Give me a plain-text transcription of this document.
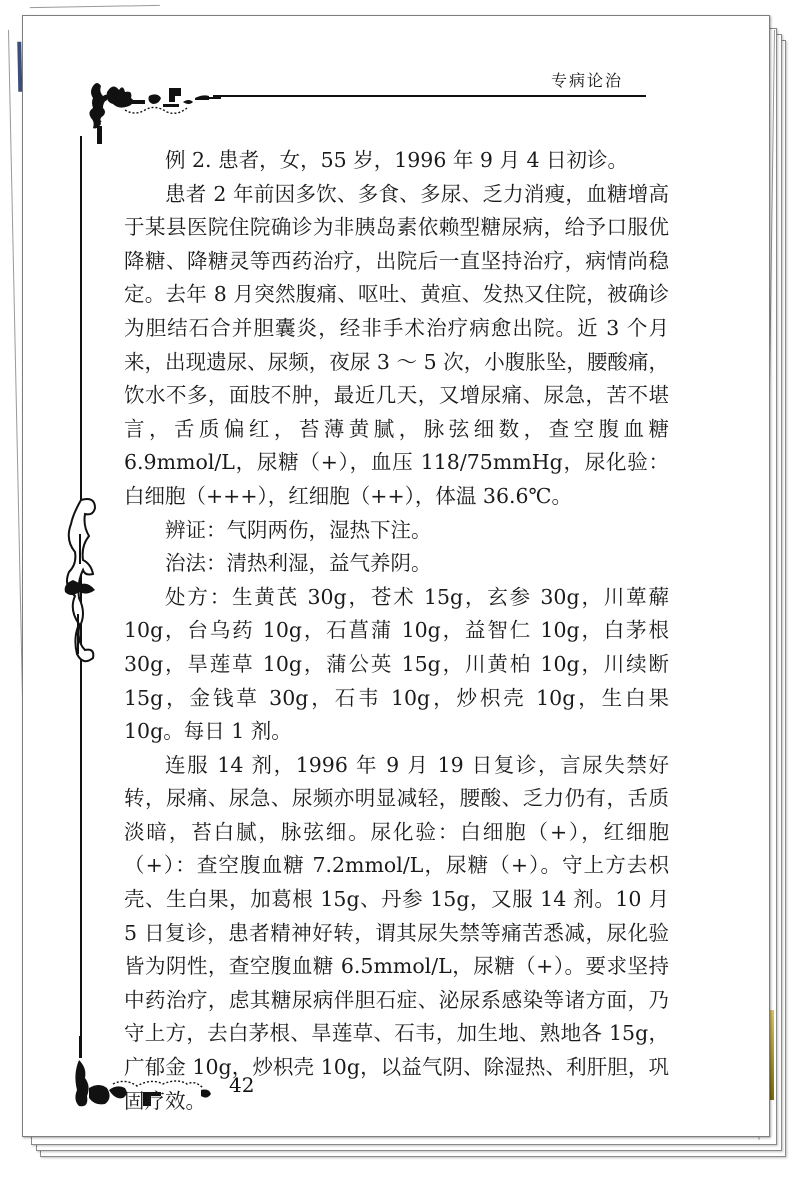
专病论治

例 2. 患者，女，55 岁，1996 年 9 月 4 日初诊。

患者 2 年前因多饮、多食、多尿、乏力消瘦，血糖增高于某县医院住院确诊为非胰岛素依赖型糖尿病，给予口服优降糖、降糖灵等西药治疗，出院后一直坚持治疗，病情尚稳定。去年 8 月突然腹痛、呕吐、黄疸、发热又住院，被确诊为胆结石合并胆囊炎，经非手术治疗病愈出院。近 3 个月来，出现遗尿、尿频，夜尿 3 ～ 5 次，小腹胀坠，腰酸痛，饮水不多，面肢不肿，最近几天，又增尿痛、尿急，苦不堪言，舌质偏红，苔薄黄腻，脉弦细数，查空腹血糖 6.9mmol/L，尿糖（+），血压 118/75mmHg，尿化验：白细胞（+++），红细胞（++），体温 36.6℃。

辨证：气阴两伤，湿热下注。

治法：清热利湿，益气养阴。

处方：生黄芪 30g，苍术 15g，玄参 30g，川萆薢 10g，台乌药 10g，石菖蒲 10g，益智仁 10g，白茅根 30g，旱莲草 10g，蒲公英 15g，川黄柏 10g，川续断 15g，金钱草 30g，石韦 10g，炒枳壳 10g，生白果 10g。每日 1 剂。

连服 14 剂，1996 年 9 月 19 日复诊，言尿失禁好转，尿痛、尿急、尿频亦明显减轻，腰酸、乏力仍有，舌质淡暗，苔白腻，脉弦细。尿化验：白细胞（+），红细胞（+）：查空腹血糖 7.2mmol/L，尿糖（+）。守上方去枳壳、生白果，加葛根 15g、丹参 15g，又服 14 剂。10 月 5 日复诊，患者精神好转，谓其尿失禁等痛苦悉减，尿化验皆为阴性，查空腹血糖 6.5mmol/L，尿糖（+）。要求坚持中药治疗，虑其糖尿病伴胆石症、泌尿系感染等诸方面，乃守上方，去白茅根、旱莲草、石韦，加生地、熟地各 15g，广郁金 10g，炒枳壳 10g，以益气阴、除湿热、利肝胆，巩固疗效。

42
